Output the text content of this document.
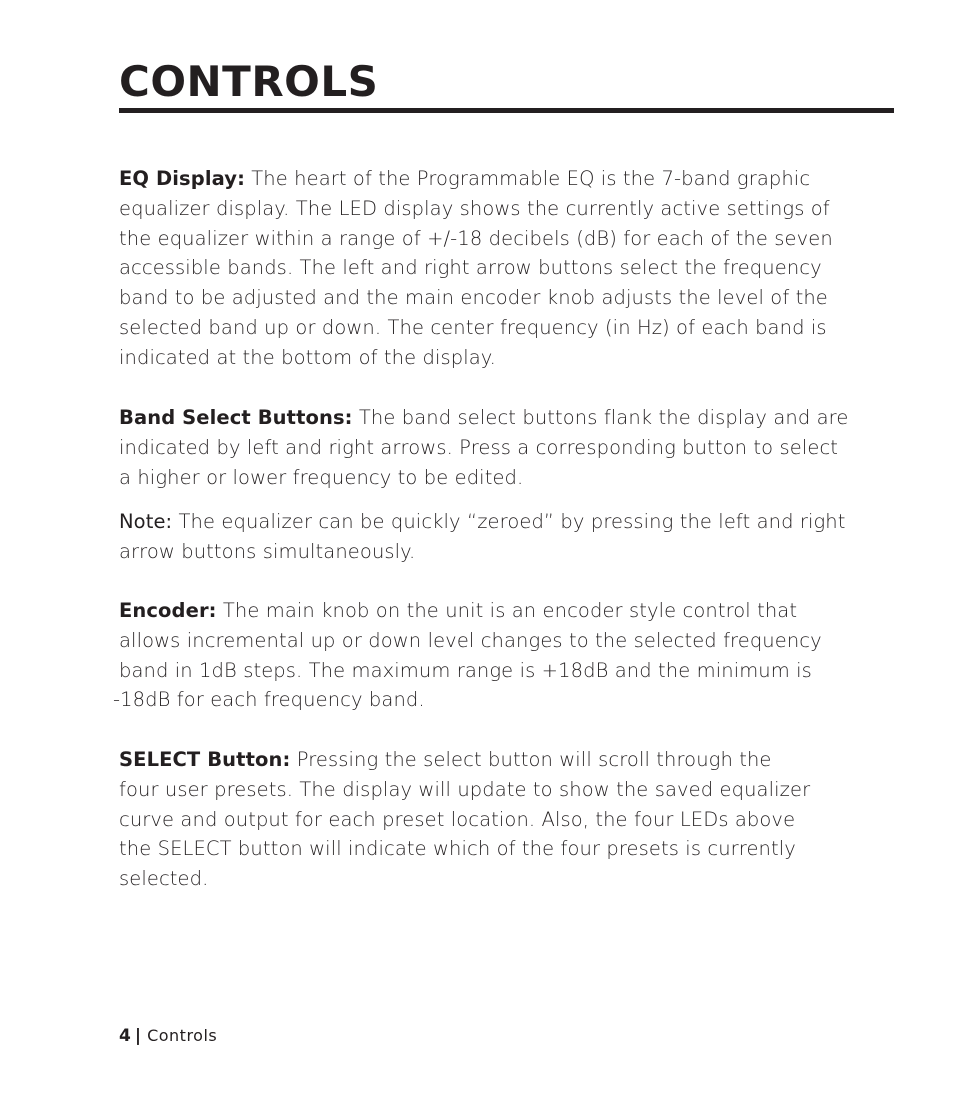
CONTROLS
EQ Display: The heart of the Programmable EQ is the 7-band graphic
equalizer display. The LED display shows the currently active settings of
the equalizer within a range of +/-18 decibels (dB) for each of the seven
accessible bands. The left and right arrow buttons select the frequency
band to be adjusted and the main encoder knob adjusts the level of the
selected band up or down. The center frequency (in Hz) of each band is
indicated at the bottom of the display.
Band Select Buttons: The band select buttons flank the display and are
indicated by left and right arrows. Press a corresponding button to select
a higher or lower frequency to be edited.
Note: The equalizer can be quickly “zeroed” by pressing the left and right
arrow buttons simultaneously.
Encoder: The main knob on the unit is an encoder style control that
allows incremental up or down level changes to the selected frequency
band in 1dB steps. The maximum range is +18dB and the minimum is
-18dB for each frequency band.
SELECT Button: Pressing the select button will scroll through the
four user presets. The display will update to show the saved equalizer
curve and output for each preset location. Also, the four LEDs above
the SELECT button will indicate which of the four presets is currently
selected.
4 | Controls
